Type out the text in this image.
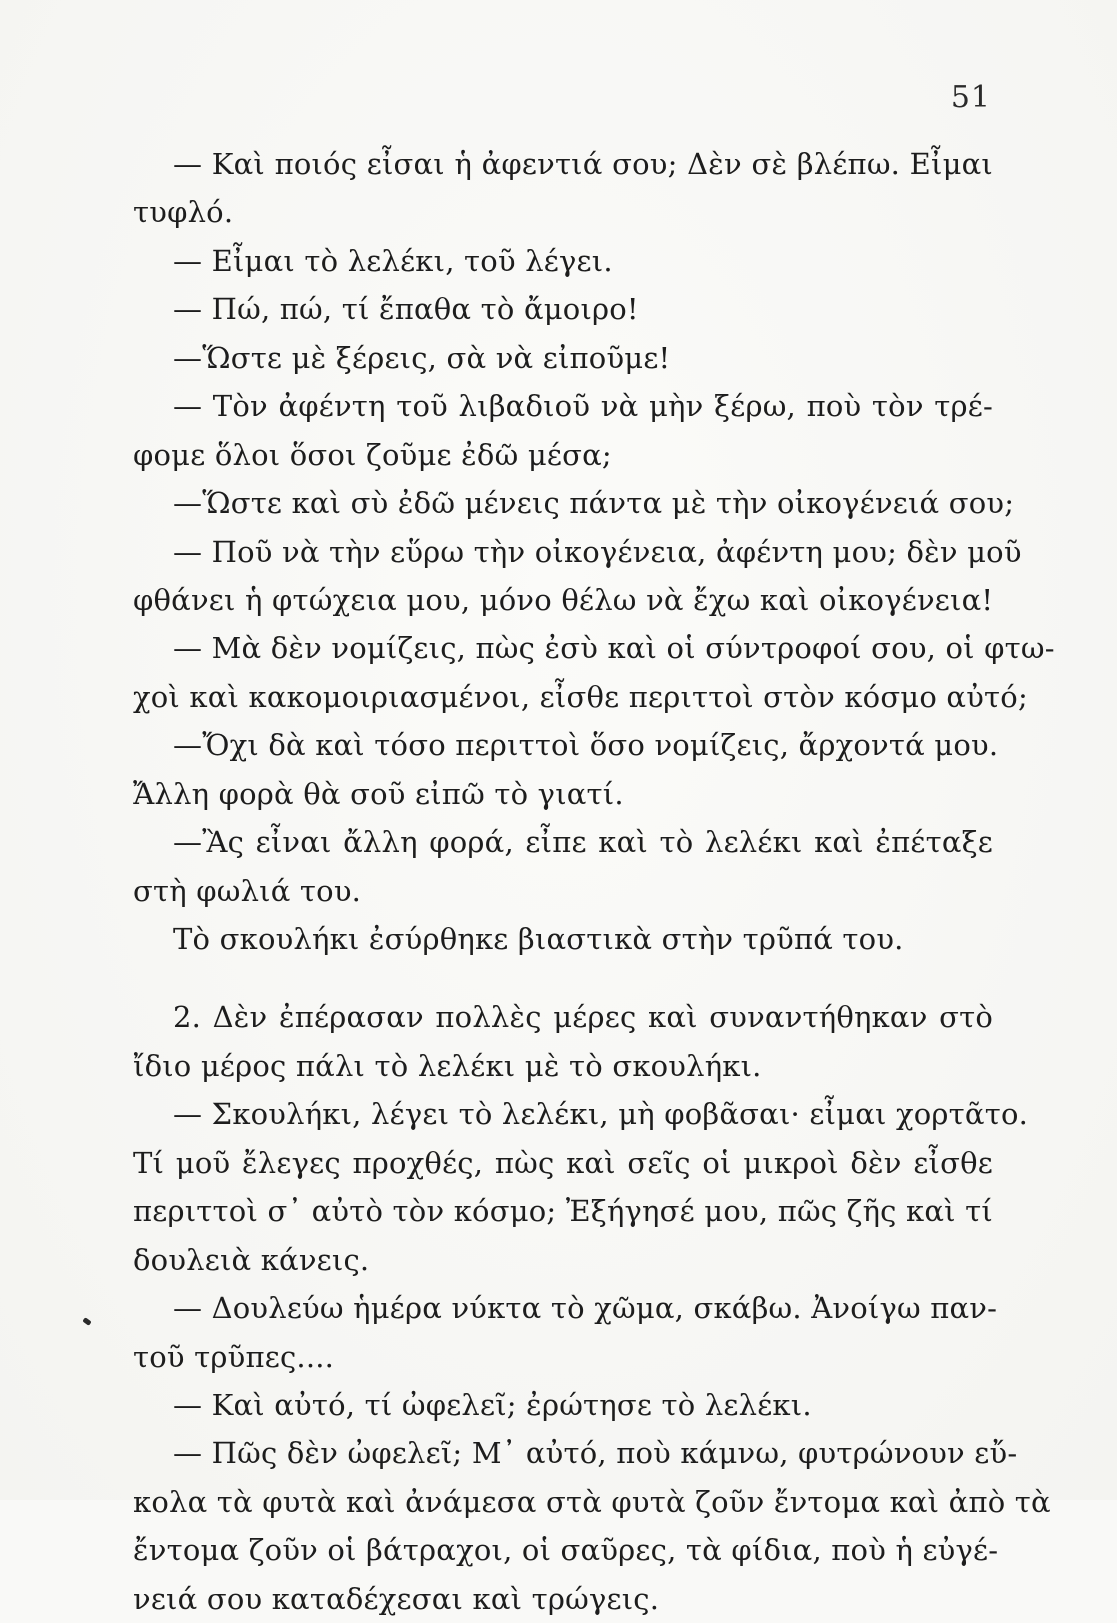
51
— Καὶ ποιός εἶσαι ἡ ἀφεντιά σου; Δὲν σὲ βλέπω. Εἶμαι
τυφλό.
— Εἶμαι τὸ λελέκι, τοῦ λέγει.
— Πώ, πώ, τί ἔπαθα τὸ ἄμοιρο!
—Ὥστε μὲ ξέρεις, σὰ νὰ εἰποῦμε!
— Τὸν ἀφέντη τοῦ λιβαδιοῦ νὰ μὴν ξέρω, ποὺ τὸν τρέ-
φομε ὅλοι ὅσοι ζοῦμε ἐδῶ μέσα;
—Ὥστε καὶ σὺ ἐδῶ μένεις πάντα μὲ τὴν οἰκογένειά σου;
— Ποῦ νὰ τὴν εὕρω τὴν οἰκογένεια, ἀφέντη μου; δὲν μοῦ
φθάνει ἡ φτώχεια μου, μόνο θέλω νὰ ἔχω καὶ οἰκογένεια!
— Μὰ δὲν νομίζεις, πὼς ἐσὺ καὶ οἱ σύντροφοί σου, οἱ φτω-
χοὶ καὶ κακομοιριασμένοι, εἶσθε περιττοὶ στὸν κόσμο αὐτό;
—Ὄχι δὰ καὶ τόσο περιττοὶ ὅσο νομίζεις, ἄρχοντά μου.
Ἄλλη φορὰ θὰ σοῦ εἰπῶ τὸ γιατί.
—Ἂς εἶναι ἄλλη φορά, εἶπε καὶ τὸ λελέκι καὶ ἐπέταξε
στὴ φωλιά του.
Τὸ σκουλήκι ἐσύρθηκε βιαστικὰ στὴν τρῦπά του.
2. Δὲν ἐπέρασαν πολλὲς μέρες καὶ συναντήθηκαν στὸ
ἴδιο μέρος πάλι τὸ λελέκι μὲ τὸ σκουλήκι.
— Σκουλήκι, λέγει τὸ λελέκι, μὴ φοβᾶσαι· εἶμαι χορτᾶτο.
Τί μοῦ ἔλεγες προχθές, πὼς καὶ σεῖς οἱ μικροὶ δὲν εἶσθε
περιττοὶ σ᾽ αὐτὸ τὸν κόσμο; Ἐξήγησέ μου, πῶς ζῆς καὶ τί
δουλειὰ κάνεις.
— Δουλεύω ἡμέρα νύκτα τὸ χῶμα, σκάβω. Ἀνοίγω παν-
τοῦ τρῦπες....
— Καὶ αὐτό, τί ὠφελεῖ; ἐρώτησε τὸ λελέκι.
— Πῶς δὲν ὠφελεῖ; Μ᾽ αὐτό, ποὺ κάμνω, φυτρώνουν εὔ-
κολα τὰ φυτὰ καὶ ἀνάμεσα στὰ φυτὰ ζοῦν ἔντομα καὶ ἀπὸ τὰ
ἔντομα ζοῦν οἱ βάτραχοι, οἱ σαῦρες, τὰ φίδια, ποὺ ἡ εὐγέ-
νειά σου καταδέχεσαι καὶ τρώγεις.
